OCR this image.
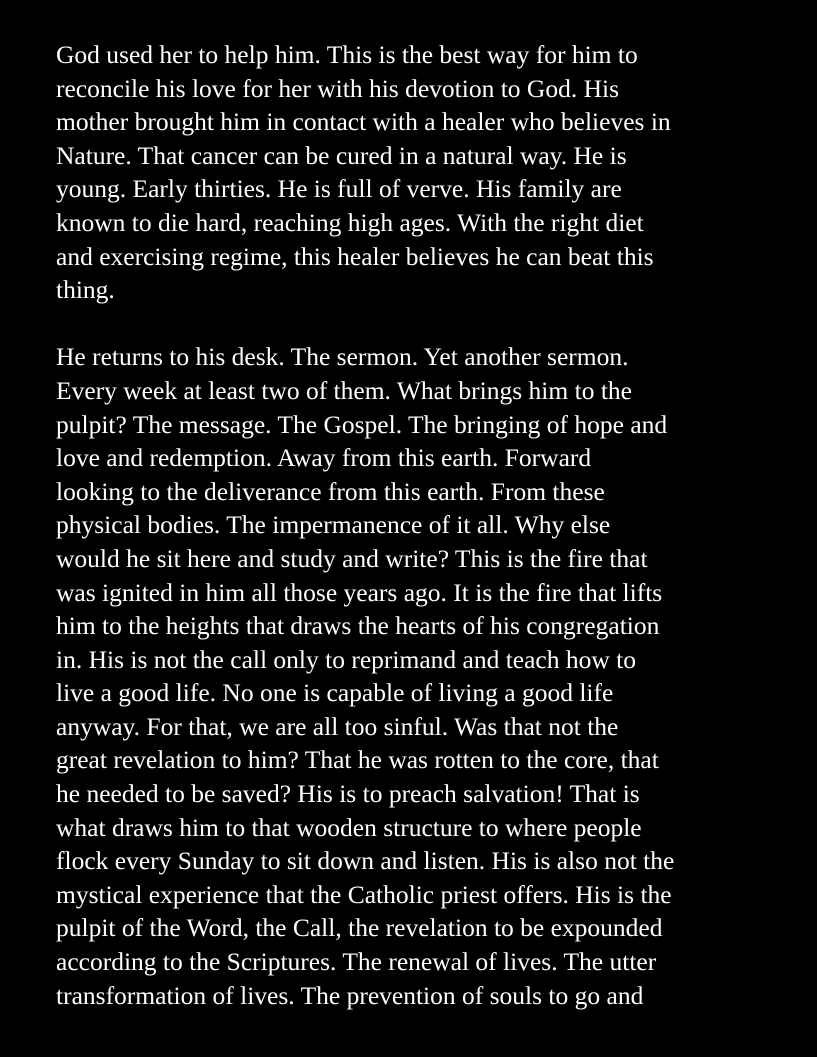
God used her to help him. This is the best way for him to
reconcile his love for her with his devotion to God. His
mother brought him in contact with a healer who believes in
Nature. That cancer can be cured in a natural way. He is
young. Early thirties. He is full of verve. His family are
known to die hard, reaching high ages. With the right diet
and exercising regime, this healer believes he can beat this
thing.
He returns to his desk. The sermon. Yet another sermon.
Every week at least two of them. What brings him to the
pulpit? The message. The Gospel. The bringing of hope and
love and redemption. Away from this earth. Forward
looking to the deliverance from this earth. From these
physical bodies. The impermanence of it all. Why else
would he sit here and study and write? This is the fire that
was ignited in him all those years ago. It is the fire that lifts
him to the heights that draws the hearts of his congregation
in. His is not the call only to reprimand and teach how to
live a good life. No one is capable of living a good life
anyway. For that, we are all too sinful. Was that not the
great revelation to him? That he was rotten to the core, that
he needed to be saved? His is to preach salvation! That is
what draws him to that wooden structure to where people
flock every Sunday to sit down and listen. His is also not the
mystical experience that the Catholic priest offers. His is the
pulpit of the Word, the Call, the revelation to be expounded
according to the Scriptures. The renewal of lives. The utter
transformation of lives. The prevention of souls to go and
